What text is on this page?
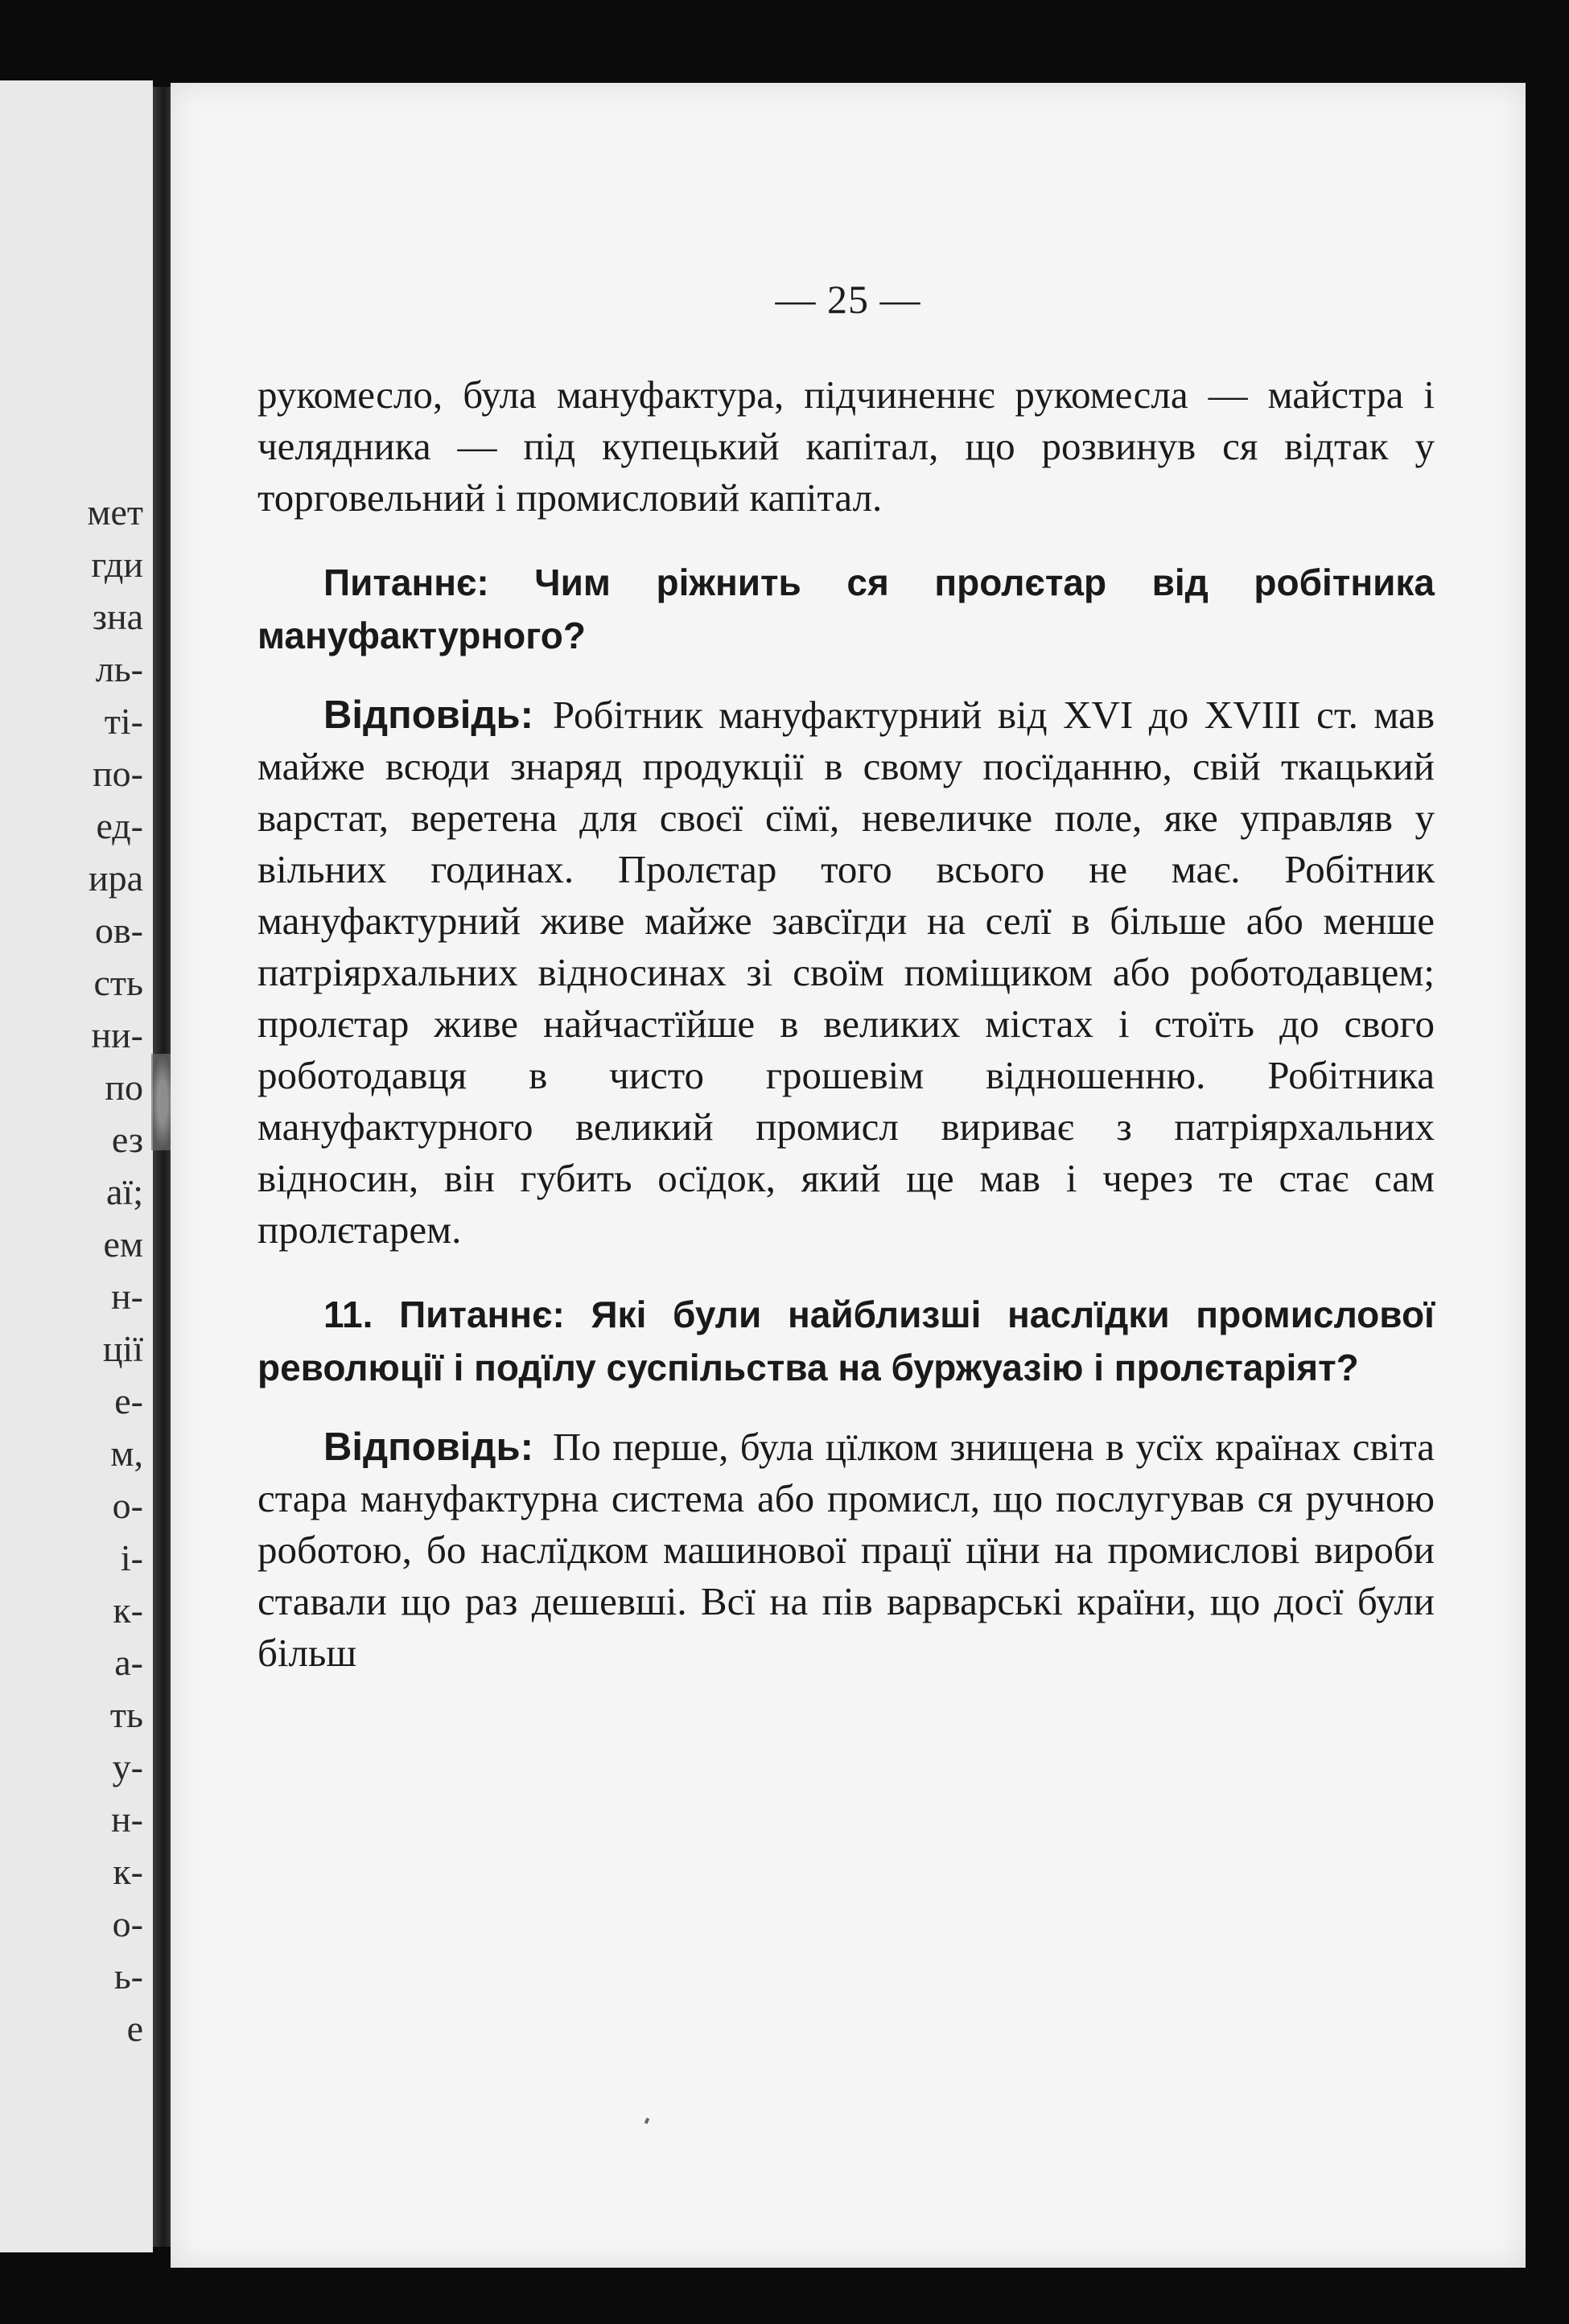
мет
гди
зна
ль-
ті-
по-
ед-
ира
ов-
сть
ни-
по
ез
аї;
ем
н-
ції
е-
м,
о-
і-
к-
а-
ть
у-
н-
к-
о-
ь-
е
— 25 —

рукомесло, була мануфактура, підчиненнє рукомесла — майстра і челядника — під купецький капітал, що розвинув ся відтак у торговельний і промисловий капітал.

Питаннє: Чим ріжнить ся пролєтар від робітника мануфактурного?

Відповідь: Робітник мануфактурний від XVI до XVIII ст. мав майже всюди знаряд продукції в свому посїданню, свій ткацький варстат, веретена для своєї сїмї, невеличке поле, яке управляв у вільних годинах. Пролєтар того всього не має. Робітник мануфактурний живе майже завсїгди на селї в більше або менше патріярхальних відносинах зі своїм поміщиком або роботодавцем; пролєтар живе найчастїйше в великих містах і стоїть до свого роботодавця в чисто грошевім відношенню. Робітника мануфактурного великий промисл вириває з патріярхальних відносин, він губить осїдок, який ще мав і через те стає сам пролєтарем.

11. Питаннє: Які були найблизші наслїдки промислової революції і подїлу суспільства на буржуазію і пролєтаріят?

Відповідь: По перше, була цїлком знищена в усїх країнах світа стара мануфактурна система або промисл, що послугував ся ручною роботою, бо наслїдком машинової працї цїни на промислові вироби ставали що раз дешевші. Всї на пів варварські країни, що досї були більш
